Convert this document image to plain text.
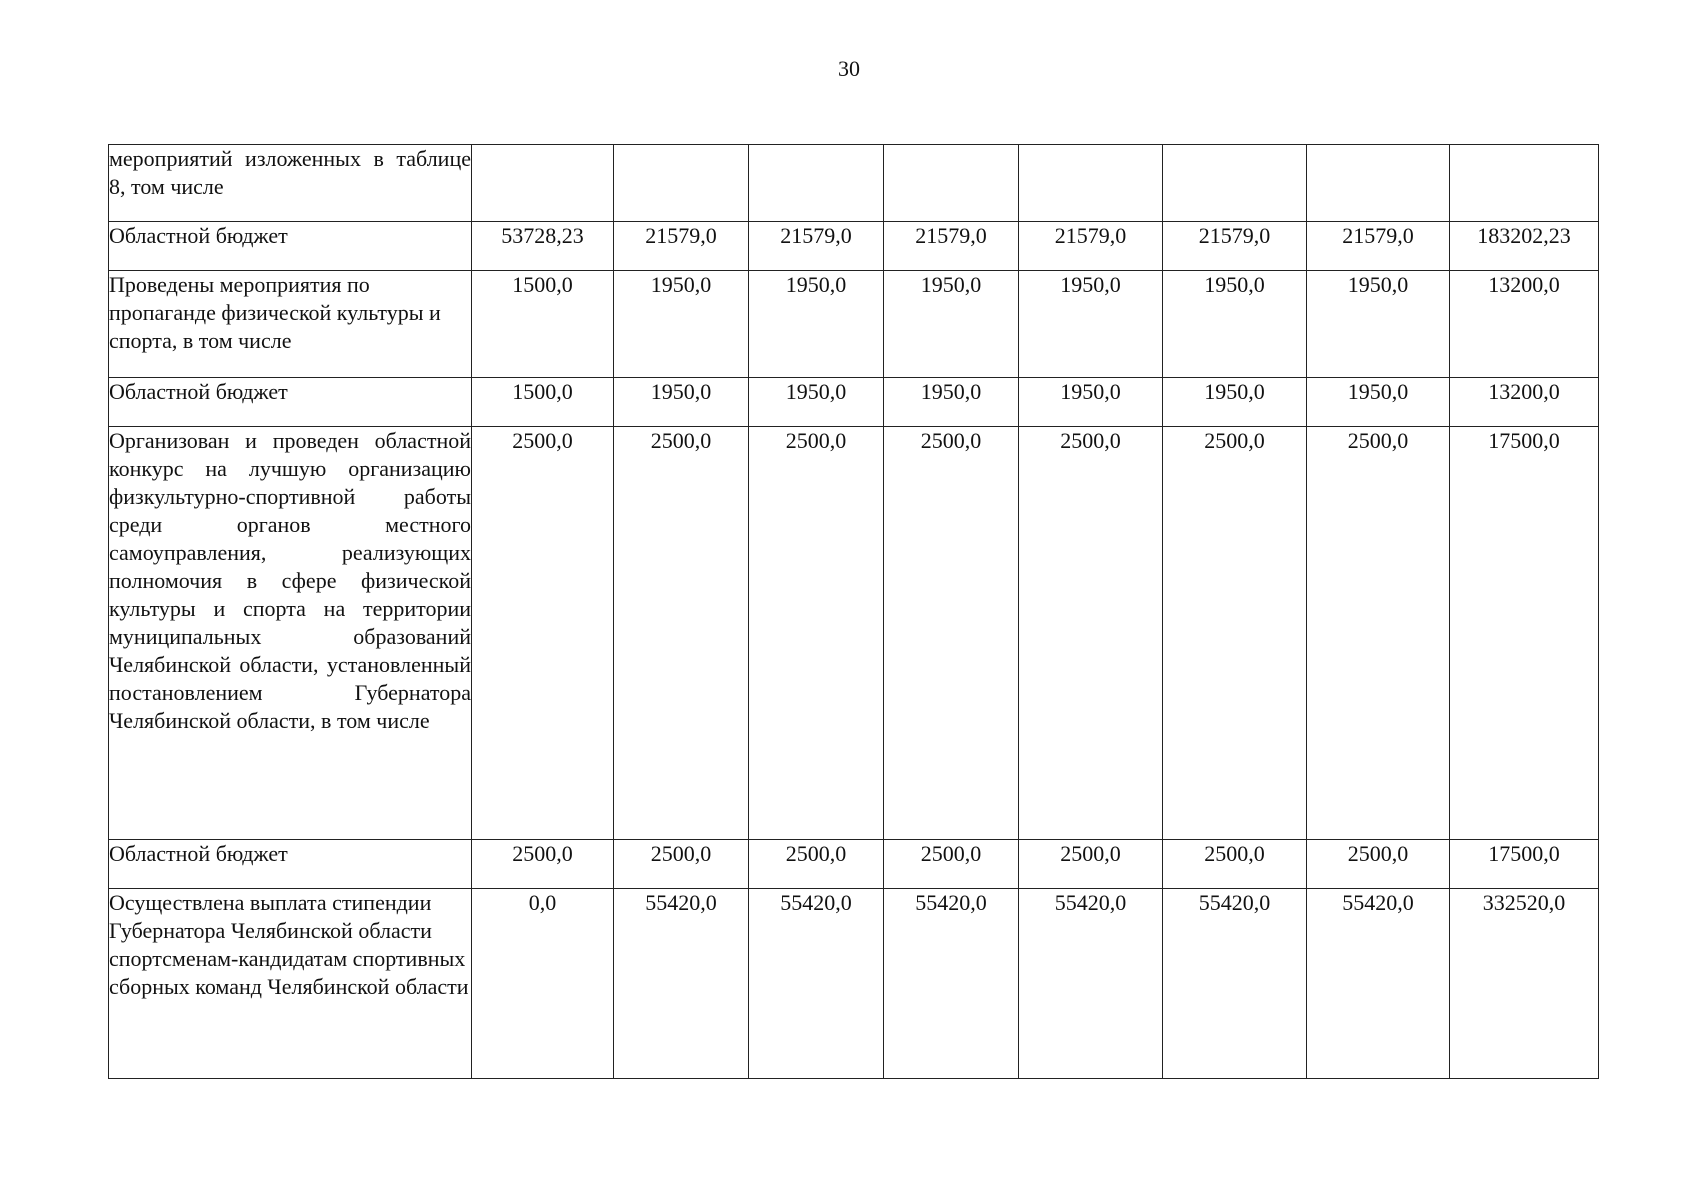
30
мероприятий изложенных в таблице 8, том числе								
Областной бюджет	53728,23	21579,0	21579,0	21579,0	21579,0	21579,0	21579,0	183202,23
Проведены мероприятия по пропаганде физической культуры и спорта, в том числе	1500,0	1950,0	1950,0	1950,0	1950,0	1950,0	1950,0	13200,0
Областной бюджет	1500,0	1950,0	1950,0	1950,0	1950,0	1950,0	1950,0	13200,0
Организован и проведен областной конкурс на лучшую организацию физкультурно-спортивной работы среди органов местного самоуправления, реализующих полномочия в сфере физической культуры и спорта на территории муниципальных образований Челябинской области, установленный постановлением Губернатора Челябинской области, в том числе	2500,0	2500,0	2500,0	2500,0	2500,0	2500,0	2500,0	17500,0
Областной бюджет	2500,0	2500,0	2500,0	2500,0	2500,0	2500,0	2500,0	17500,0
Осуществлена выплата стипендии Губернатора Челябинской области спортсменам-кандидатам спортивных сборных команд Челябинской области	0,0	55420,0	55420,0	55420,0	55420,0	55420,0	55420,0	332520,0
